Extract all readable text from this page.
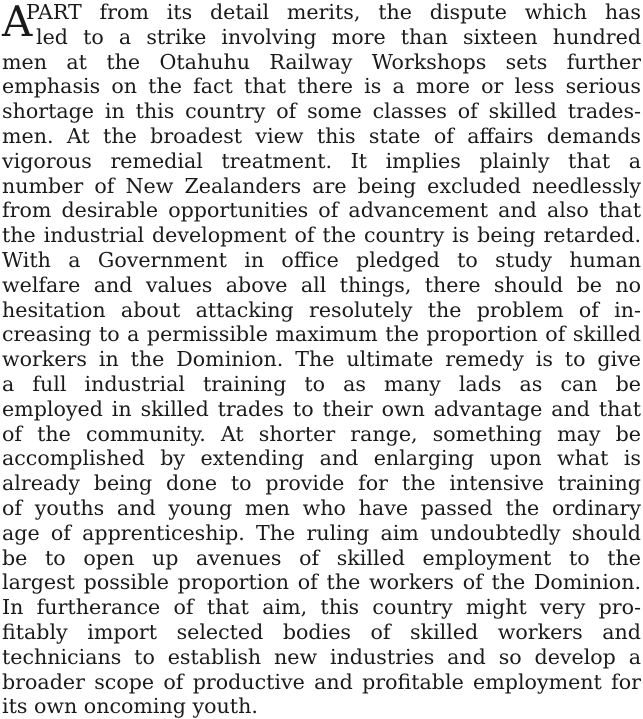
A
PART from its detail merits, the dispute which has
led to a strike involving more than sixteen hundred
men at the Otahuhu Railway Workshops sets further
emphasis on the fact that there is a more or less serious
shortage in this country of some classes of skilled trades-
men. At the broadest view this state of affairs demands
vigorous remedial treatment. It implies plainly that a
number of New Zealanders are being excluded needlessly
from desirable opportunities of advancement and also that
the industrial development of the country is being retarded.
With a Government in office pledged to study human
welfare and values above all things, there should be no
hesitation about attacking resolutely the problem of in-
creasing to a permissible maximum the proportion of skilled
workers in the Dominion. The ultimate remedy is to give
a full industrial training to as many lads as can be
employed in skilled trades to their own advantage and that
of the community. At shorter range, something may be
accomplished by extending and enlarging upon what is
already being done to provide for the intensive training
of youths and young men who have passed the ordinary
age of apprenticeship. The ruling aim undoubtedly should
be to open up avenues of skilled employment to the
largest possible proportion of the workers of the Dominion.
In furtherance of that aim, this country might very pro-
fitably import selected bodies of skilled workers and
technicians to establish new industries and so develop a
broader scope of productive and profitable employment for
its own oncoming youth.
